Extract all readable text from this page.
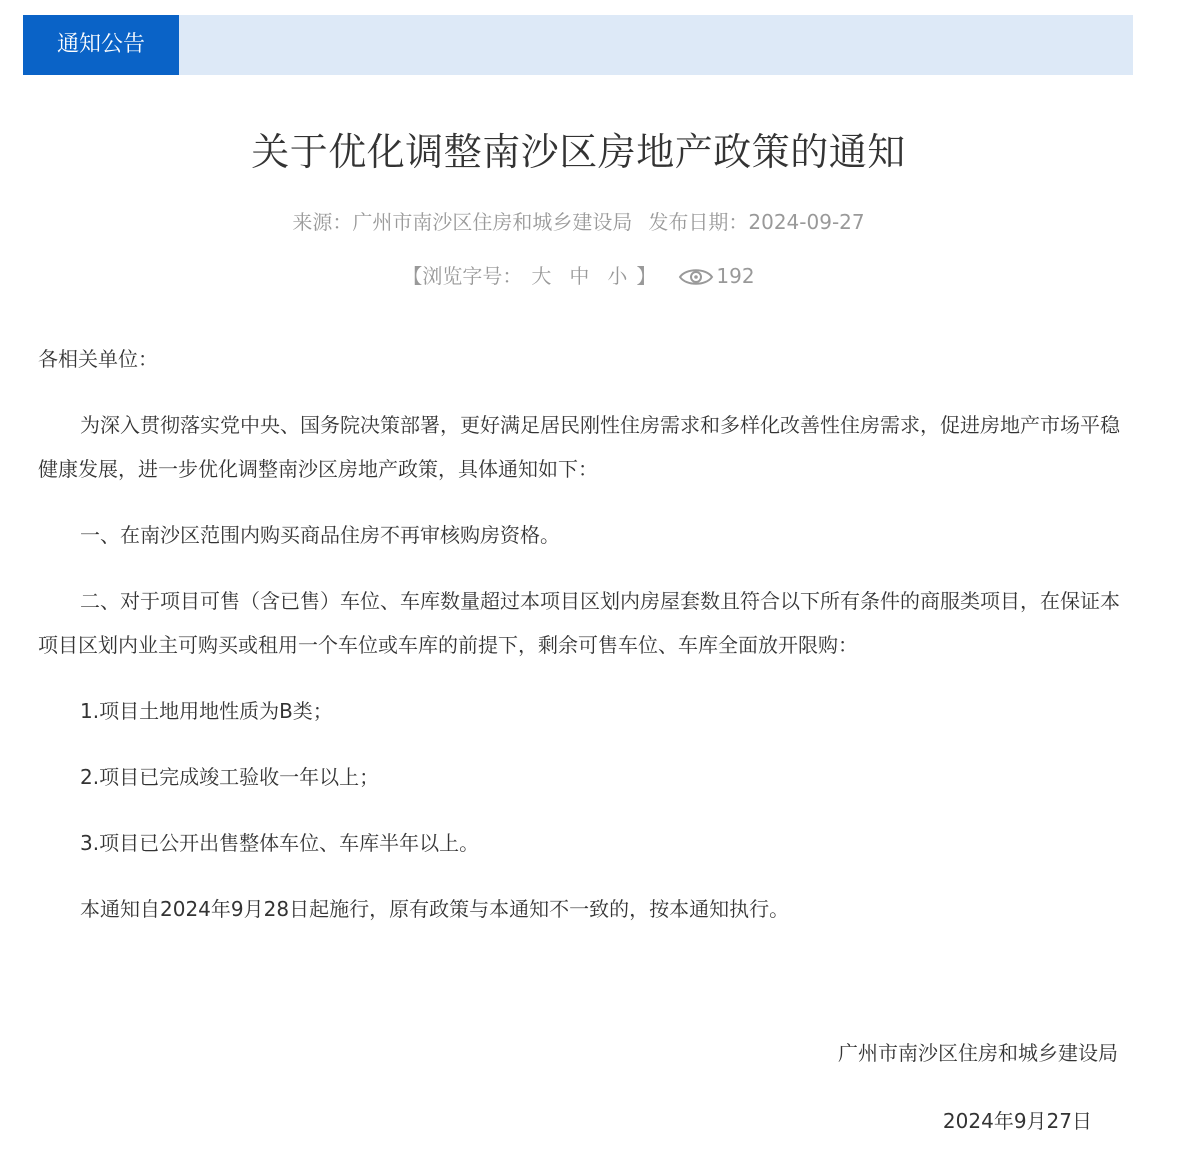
通知公告
关于优化调整南沙区房地产政策的通知
来源：广州市南沙区住房和城乡建设局 发布日期：2024-09-27
【浏览字号： 大 中 小 】	192

各相关单位：

为深入贯彻落实党中央、国务院决策部署，更好满足居民刚性住房需求和多样化改善性住房需求，促进房地产市场平稳健康发展，进一步优化调整南沙区房地产政策，具体通知如下：

一、在南沙区范围内购买商品住房不再审核购房资格。

二、对于项目可售（含已售）车位、车库数量超过本项目区划内房屋套数且符合以下所有条件的商服类项目，在保证本项目区划内业主可购买或租用一个车位或车库的前提下，剩余可售车位、车库全面放开限购：

1.项目土地用地性质为B类；

2.项目已完成竣工验收一年以上；

3.项目已公开出售整体车位、车库半年以上。

本通知自2024年9月28日起施行，原有政策与本通知不一致的，按本通知执行。

广州市南沙区住房和城乡建设局
2024年9月27日
